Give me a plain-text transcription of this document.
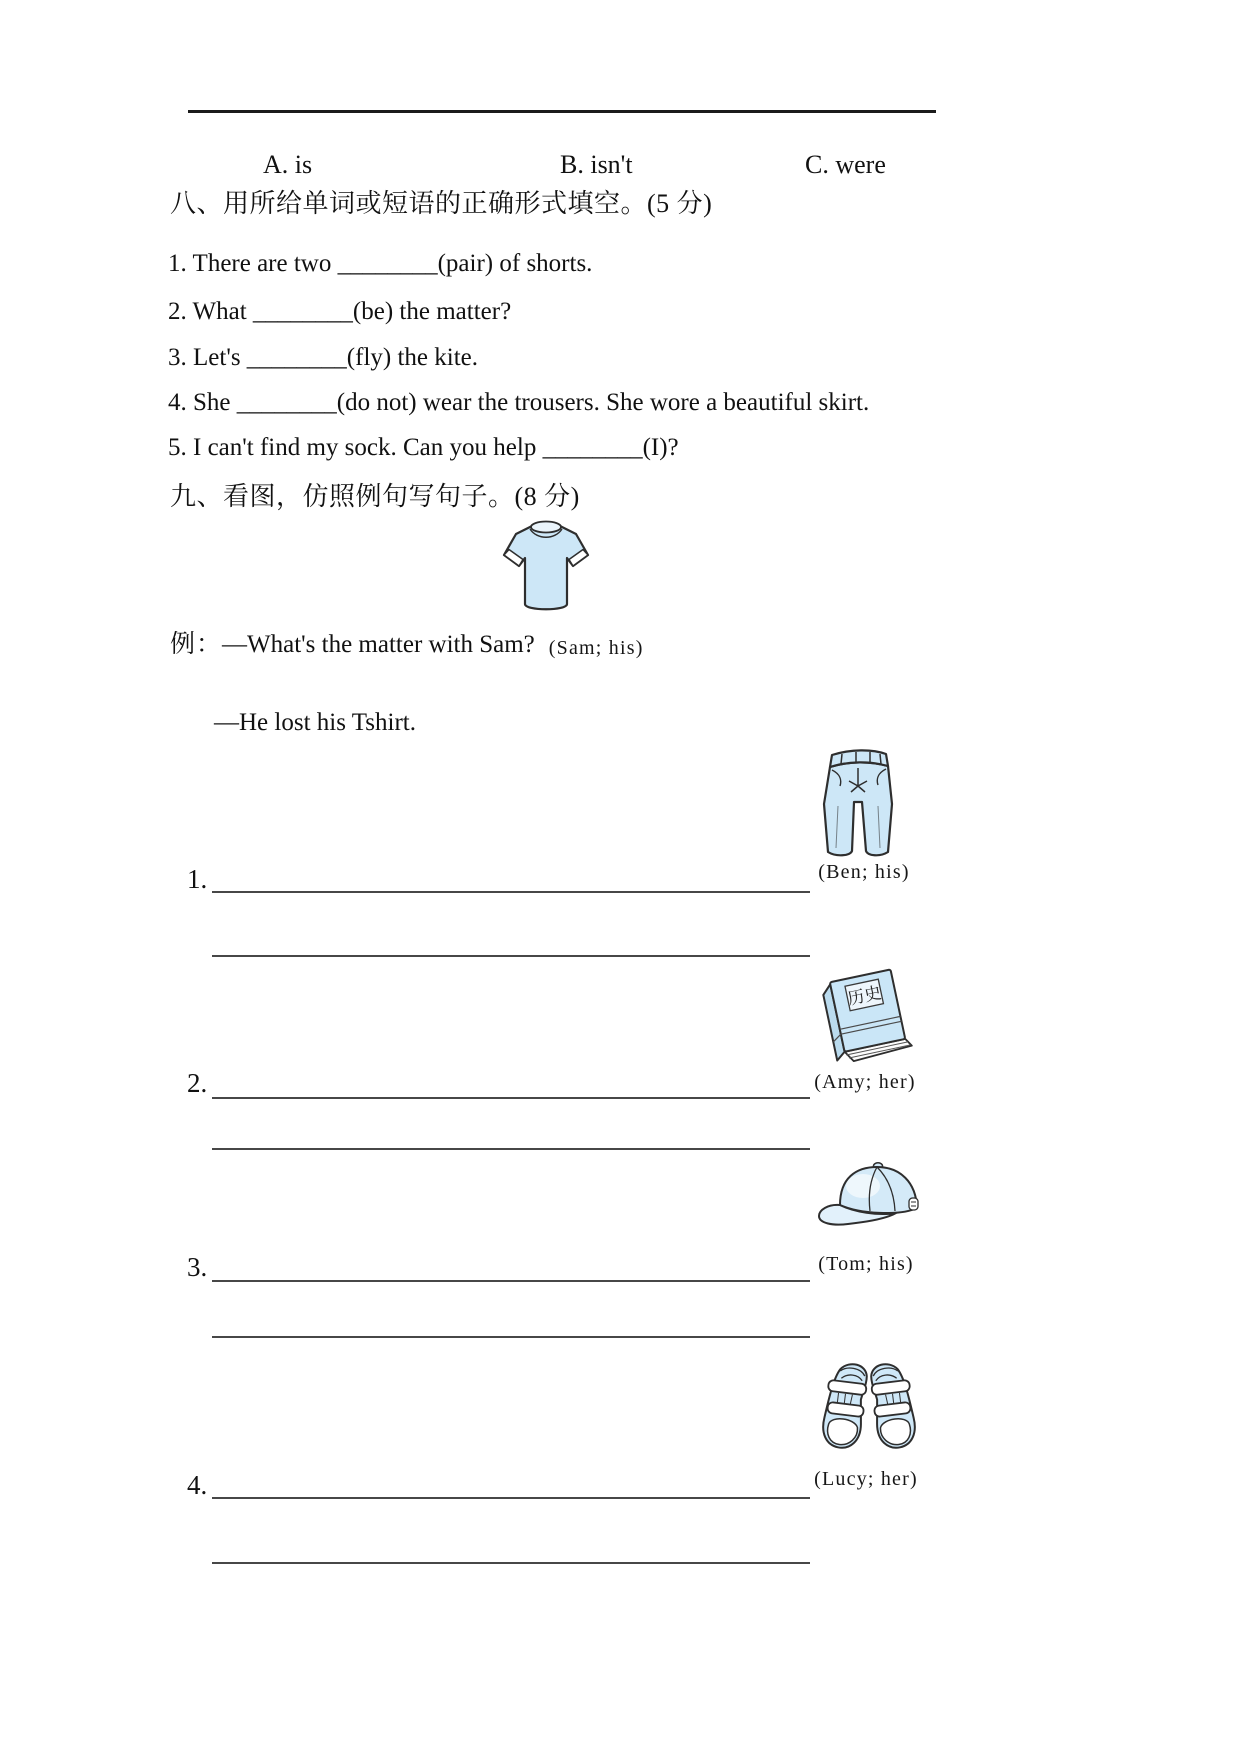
A. is	B. isn't	C. were
八、用所给单词或短语的正确形式填空。(5 分)
1. There are two ________(pair) of shorts.
2. What ________(be) the matter?
3. Let's ________(fly) the kite.
4. She ________(do not) wear the trousers. She wore a beautiful skirt.
5. I can't find my sock. Can you help ________(I)?
九、看图，仿照例句写句子。(8 分)
例： —What's the matter with Sam? (Sam; his)
—He lost his Tshirt.
(Ben; his)
1.
历史
(Amy; her)
2.
(Tom; his)
3.
(Lucy; her)
4.
